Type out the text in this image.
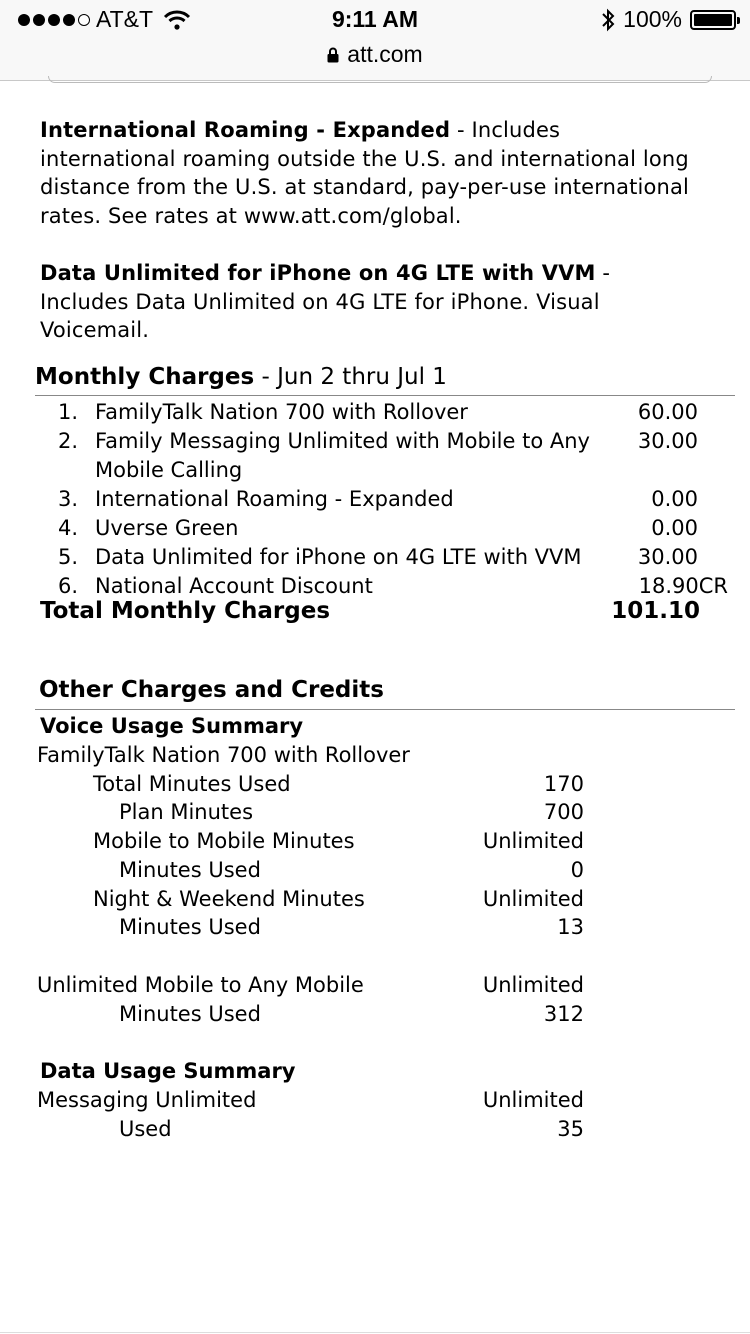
AT&T	9:11 AM	100%
att.com

International Roaming - Expanded - Includes international roaming outside the U.S. and international long distance from the U.S. at standard, pay-per-use international rates. See rates at www.att.com/global.

Data Unlimited for iPhone on 4G LTE with VVM - Includes Data Unlimited on 4G LTE for iPhone. Visual Voicemail.

Monthly Charges - Jun 2 thru Jul 1
1. FamilyTalk Nation 700 with Rollover	60.00
2. Family Messaging Unlimited with Mobile to Any Mobile Calling
30.00
3. International Roaming - Expanded	0.00
4. Uverse Green	0.00
5. Data Unlimited for iPhone on 4G LTE with VVM	30.00
6. National Account Discount	18.90CR
Total Monthly Charges	101.10
Other Charges and Credits
Voice Usage Summary
FamilyTalk Nation 700 with Rollover
Total Minutes Used	170
Plan Minutes	700
Mobile to Mobile Minutes	Unlimited
Minutes Used	0
Night & Weekend Minutes	Unlimited
Minutes Used	13
Unlimited Mobile to Any Mobile	Unlimited
Minutes Used	312
Data Usage Summary
Messaging Unlimited	Unlimited
Used	35
